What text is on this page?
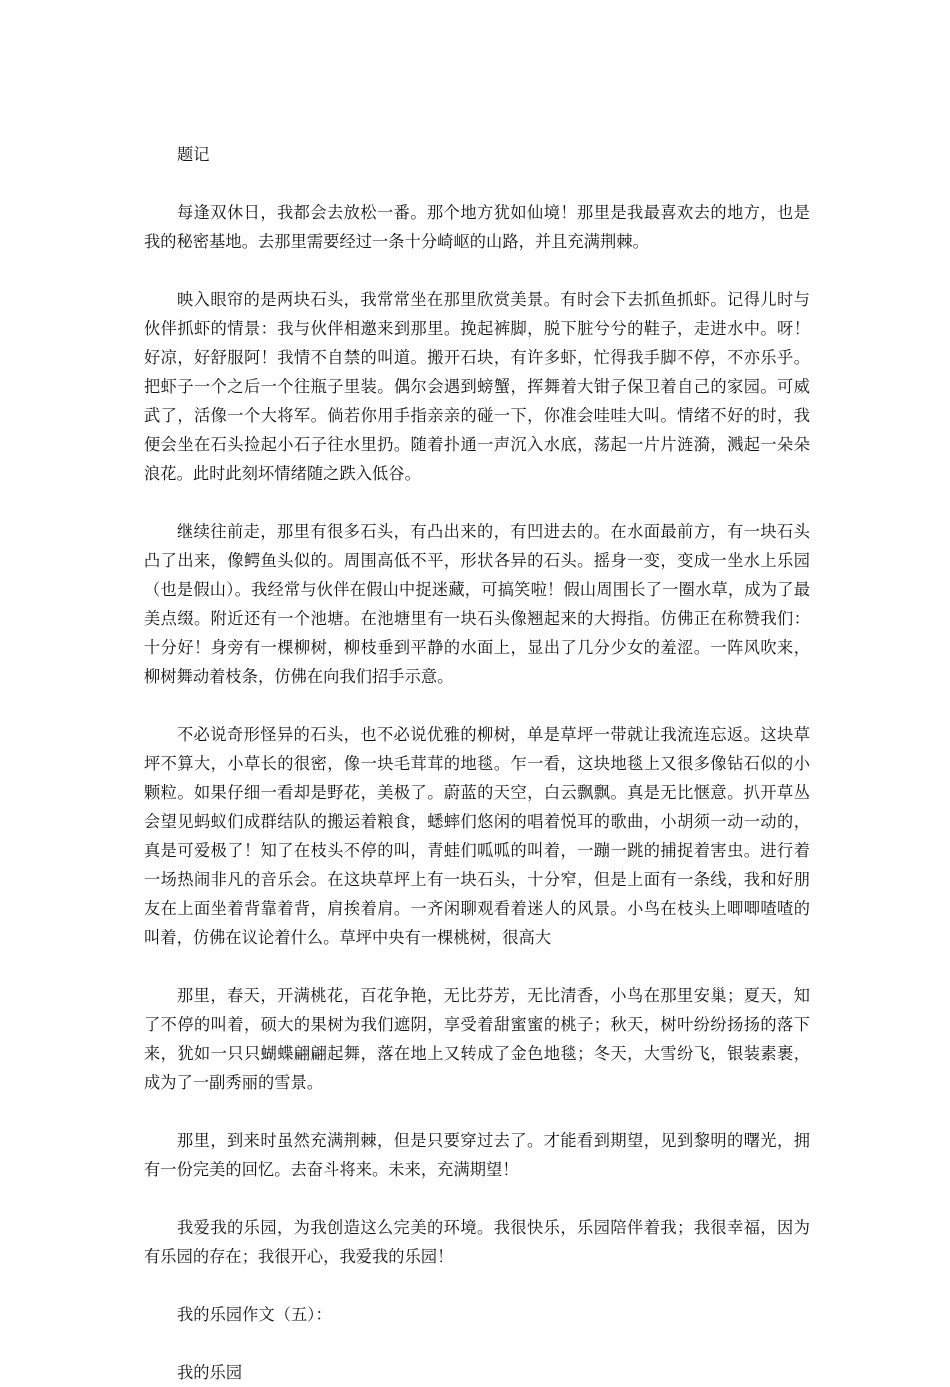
题记

每逢双休日，我都会去放松一番。那个地方犹如仙境！那里是我最喜欢去的地方，也是我的秘密基地。去那里需要经过一条十分崎岖的山路，并且充满荆棘。

映入眼帘的是两块石头，我常常坐在那里欣赏美景。有时会下去抓鱼抓虾。记得儿时与伙伴抓虾的情景：我与伙伴相邀来到那里。挽起裤脚，脱下脏兮兮的鞋子，走进水中。呀！好凉，好舒服阿！我情不自禁的叫道。搬开石块，有许多虾，忙得我手脚不停，不亦乐乎。把虾子一个之后一个往瓶子里装。偶尔会遇到螃蟹，挥舞着大钳子保卫着自己的家园。可威武了，活像一个大将军。倘若你用手指亲亲的碰一下，你准会哇哇大叫。情绪不好的时，我便会坐在石头捡起小石子往水里扔。随着扑通一声沉入水底，荡起一片片涟漪，溅起一朵朵浪花。此时此刻坏情绪随之跌入低谷。

继续往前走，那里有很多石头，有凸出来的，有凹进去的。在水面最前方，有一块石头凸了出来，像鳄鱼头似的。周围高低不平，形状各异的石头。摇身一变，变成一坐水上乐园（也是假山）。我经常与伙伴在假山中捉迷藏，可搞笑啦！假山周围长了一圈水草，成为了最美点缀。附近还有一个池塘。在池塘里有一块石头像翘起来的大拇指。仿佛正在称赞我们：十分好！身旁有一棵柳树，柳枝垂到平静的水面上，显出了几分少女的羞涩。一阵风吹来，柳树舞动着枝条，仿佛在向我们招手示意。

不必说奇形怪异的石头，也不必说优雅的柳树，单是草坪一带就让我流连忘返。这块草坪不算大，小草长的很密，像一块毛茸茸的地毯。乍一看，这块地毯上又很多像钻石似的小颗粒。如果仔细一看却是野花，美极了。蔚蓝的天空，白云飘飘。真是无比惬意。扒开草丛会望见蚂蚁们成群结队的搬运着粮食，蟋蟀们悠闲的唱着悦耳的歌曲，小胡须一动一动的，真是可爱极了！知了在枝头不停的叫，青蛙们呱呱的叫着，一蹦一跳的捕捉着害虫。进行着一场热闹非凡的音乐会。在这块草坪上有一块石头，十分窄，但是上面有一条线，我和好朋友在上面坐着背靠着背，肩挨着肩。一齐闲聊观看着迷人的风景。小鸟在枝头上唧唧喳喳的叫着，仿佛在议论着什么。草坪中央有一棵桃树，很高大

那里，春天，开满桃花，百花争艳，无比芬芳，无比清香，小鸟在那里安巢；夏天，知了不停的叫着，硕大的果树为我们遮阴，享受着甜蜜蜜的桃子；秋天，树叶纷纷扬扬的落下来，犹如一只只蝴蝶翩翩起舞，落在地上又转成了金色地毯；冬天，大雪纷飞，银装素裹，成为了一副秀丽的雪景。

那里，到来时虽然充满荆棘，但是只要穿过去了。才能看到期望，见到黎明的曙光，拥有一份完美的回忆。去奋斗将来。未来，充满期望！

我爱我的乐园，为我创造这么完美的环境。我很快乐，乐园陪伴着我；我很幸福，因为有乐园的存在；我很开心，我爱我的乐园！

我的乐园作文（五）：

我的乐园
